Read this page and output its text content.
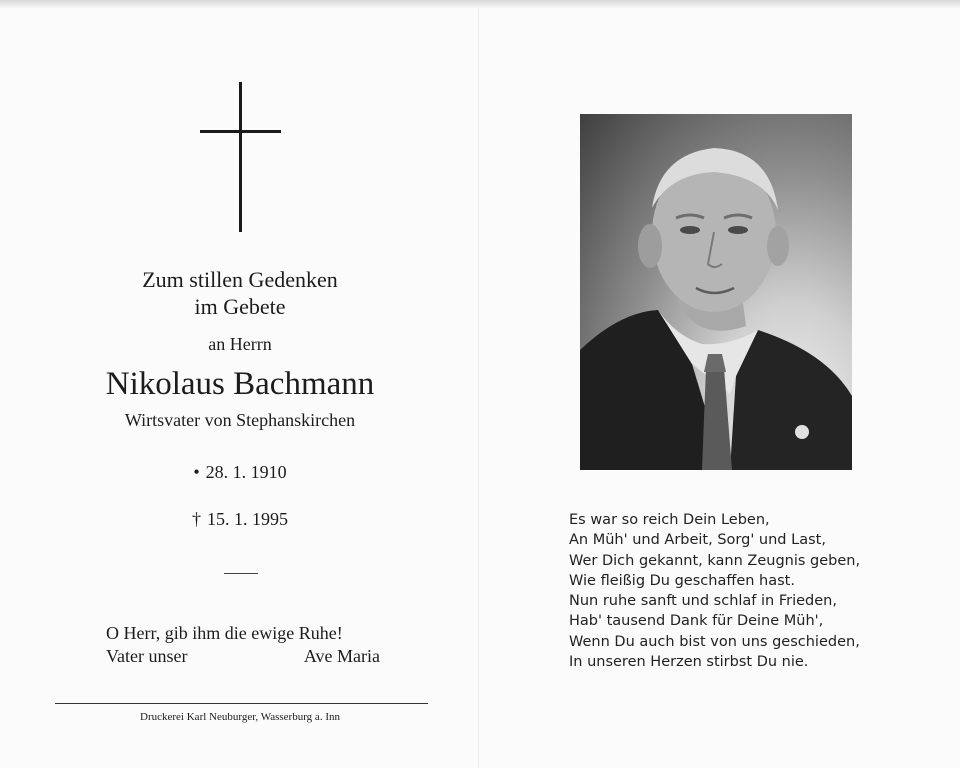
Zum stillen Gedenken
im Gebete
an Herrn
Nikolaus Bachmann
Wirtsvater von Stephanskirchen
• 28. 1. 1910
† 15. 1. 1995
O Herr, gib ihm die ewige Ruhe!
Vater unser	Ave Maria
Druckerei Karl Neuburger, Wasserburg a. Inn
Es war so reich Dein Leben,
An Müh' und Arbeit, Sorg' und Last,
Wer Dich gekannt, kann Zeugnis geben,
Wie fleißig Du geschaffen hast.
Nun ruhe sanft und schlaf in Frieden,
Hab' tausend Dank für Deine Müh',
Wenn Du auch bist von uns geschieden,
In unseren Herzen stirbst Du nie.
